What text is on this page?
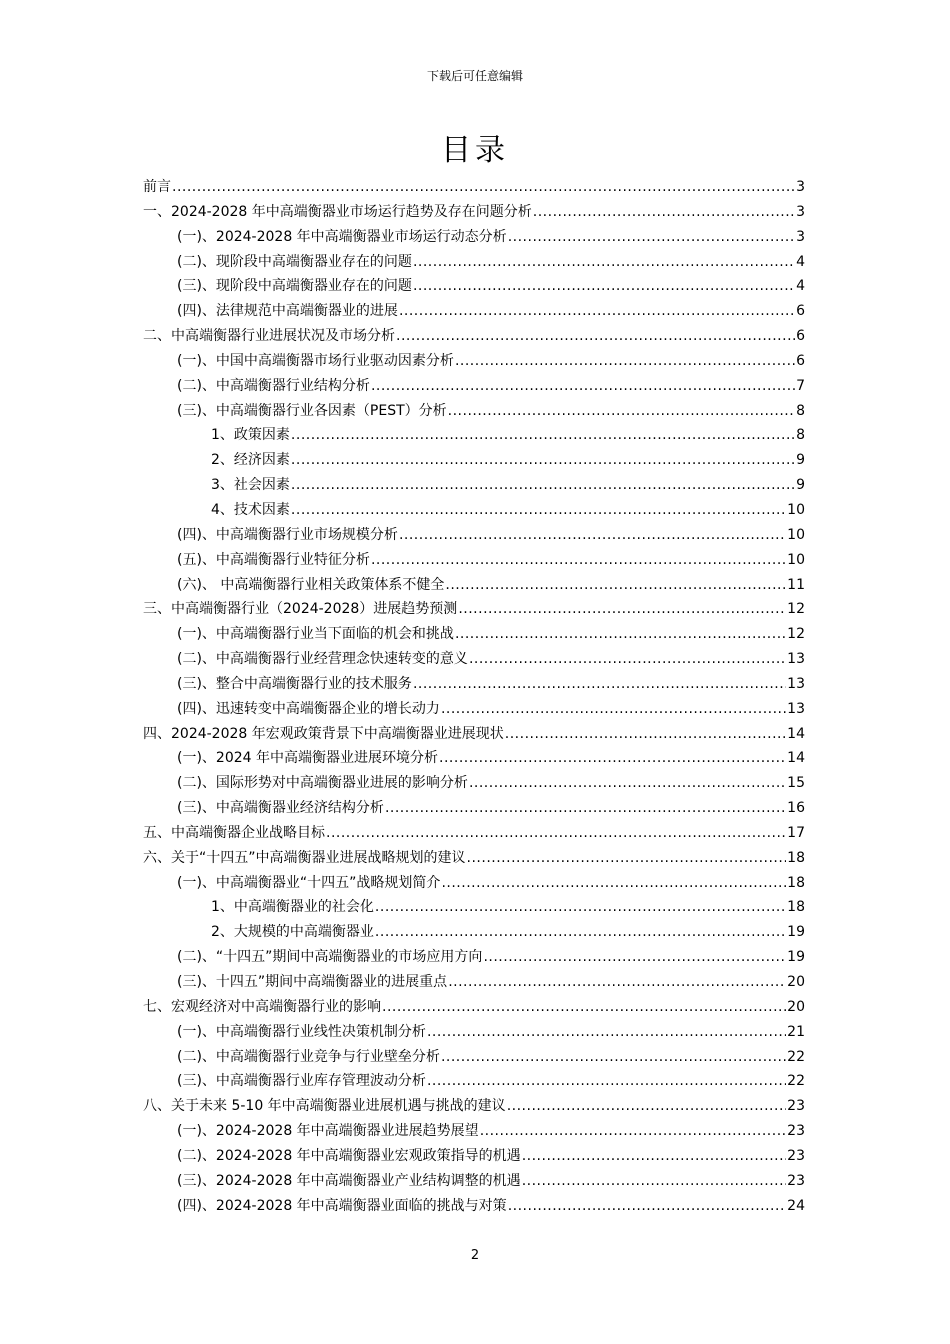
下载后可任意编辑
目录
前言 .....	3
一、2024-2028 年中高端衡器业市场运行趋势及存在问题分析 .....	3
(一)、2024-2028 年中高端衡器业市场运行动态分析 .....	3
(二)、现阶段中高端衡器业存在的问题 .....	4
(三)、现阶段中高端衡器业存在的问题 .....	4
(四)、法律规范中高端衡器业的进展 .....	6
二、中高端衡器行业进展状况及市场分析 .....	6
(一)、中国中高端衡器市场行业驱动因素分析 .....	6
(二)、中高端衡器行业结构分析 .....	7
(三)、中高端衡器行业各因素（PEST）分析 .....	8
1、政策因素 .....	8
2、经济因素 .....	9
3、社会因素 .....	9
4、技术因素 .....	10
(四)、中高端衡器行业市场规模分析 .....	10
(五)、中高端衡器行业特征分析 .....	10
(六)、 中高端衡器行业相关政策体系不健全 .....	11
三、中高端衡器行业（2024-2028）进展趋势预测 .....	12
(一)、中高端衡器行业当下面临的机会和挑战 .....	12
(二)、中高端衡器行业经营理念快速转变的意义 .....	13
(三)、整合中高端衡器行业的技术服务 .....	13
(四)、迅速转变中高端衡器企业的增长动力 .....	13
四、2024-2028 年宏观政策背景下中高端衡器业进展现状 .....	14
(一)、2024 年中高端衡器业进展环境分析 .....	14
(二)、国际形势对中高端衡器业进展的影响分析 .....	15
(三)、中高端衡器业经济结构分析 .....	16
五、中高端衡器企业战略目标 .....	17
六、关于“十四五”中高端衡器业进展战略规划的建议 .....	18
(一)、中高端衡器业“十四五”战略规划简介 .....	18
1、中高端衡器业的社会化 .....	18
2、大规模的中高端衡器业 .....	19
(二)、“十四五”期间中高端衡器业的市场应用方向 .....	19
(三)、十四五”期间中高端衡器业的进展重点 .....	20
七、宏观经济对中高端衡器行业的影响 .....	20
(一)、中高端衡器行业线性决策机制分析 .....	21
(二)、中高端衡器行业竞争与行业壁垒分析 .....	22
(三)、中高端衡器行业库存管理波动分析 .....	22
八、关于未来 5-10 年中高端衡器业进展机遇与挑战的建议 .....	23
(一)、2024-2028 年中高端衡器业进展趋势展望 .....	23
(二)、2024-2028 年中高端衡器业宏观政策指导的机遇 .....	23
(三)、2024-2028 年中高端衡器业产业结构调整的机遇 .....	23
(四)、2024-2028 年中高端衡器业面临的挑战与对策 .....	24
2
